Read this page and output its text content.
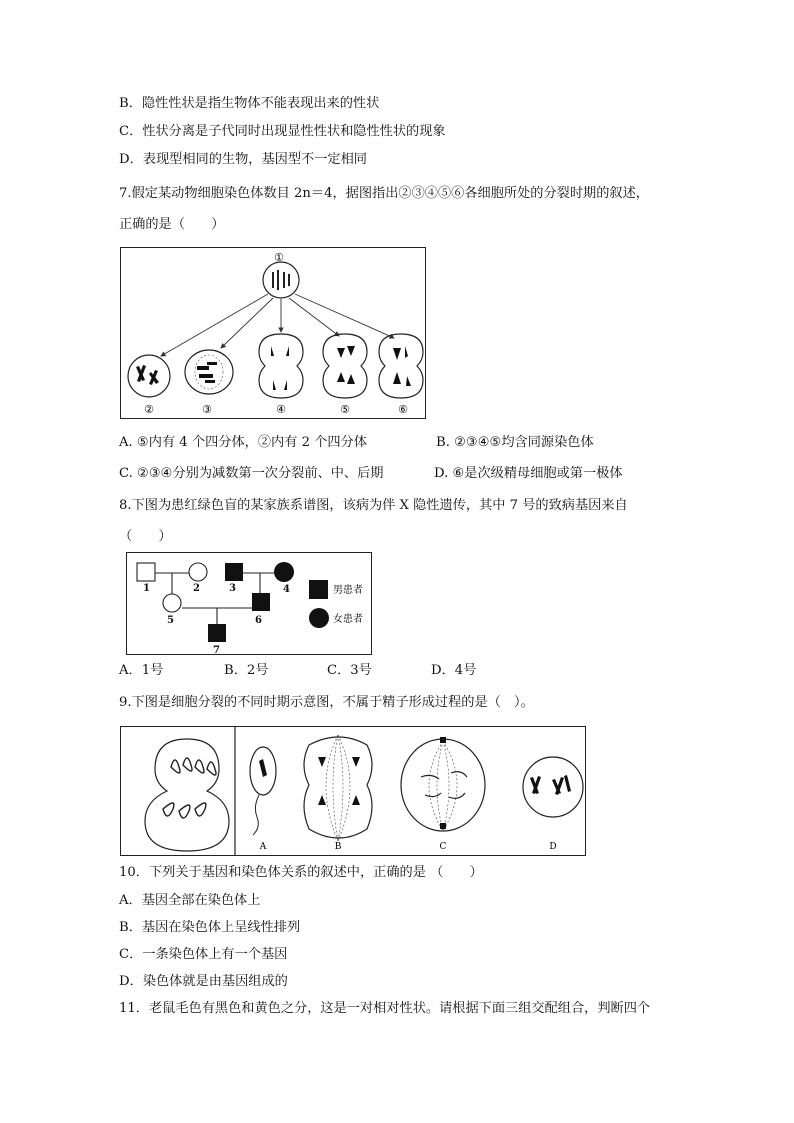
B．隐性性状是指生物体不能表现出来的性状
C．性状分离是子代同时出现显性性状和隐性性状的现象
D．表现型相同的生物，基因型不一定相同
7.假定某动物细胞染色体数目 2n＝4，据图指出②③④⑤⑥各细胞所处的分裂时期的叙述，
正确的是（　　）
①
②	③	④	⑤	⑥
A. ⑤内有 4 个四分体，②内有 2 个四分体	B. ②③④⑤均含同源染色体
C. ②③④分别为减数第一次分裂前、中、后期	D. ⑥是次级精母细胞或第一极体
8.下图为患红绿色盲的某家族系谱图，该病为伴 X 隐性遗传，其中 7 号的致病基因来自
（　　）
1	2	3	4
5	6
7
男患者
女患者
A．1号	B．2号	C．3号	D．4号
9.下图是细胞分裂的不同时期示意图，不属于精子形成过程的是（　）。
A	B	C	D
10．下列关于基因和染色体关系的叙述中，正确的是 （　　）
A．基因全部在染色体上
B．基因在染色体上呈线性排列
C．一条染色体上有一个基因
D．染色体就是由基因组成的
11．老鼠毛色有黑色和黄色之分，这是一对相对性状。请根据下面三组交配组合，判断四个
